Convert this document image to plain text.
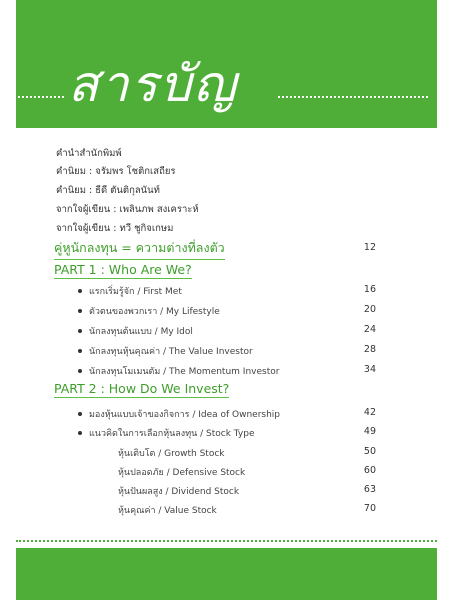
สารบัญ
คำนำสำนักพิมพ์
คำนิยม : จรัมพร โชติกเสถียร
คำนิยม : ธีดี ตันติกุลนันท์
จากใจผู้เขียน : เพลินภพ สงเคราะห์
จากใจผู้เขียน : ทวี ชูกิจเกษม
คู่หูนักลงทุน = ความต่างที่ลงตัว	12
PART 1 : Who Are We?
แรกเริ่มรู้จัก / First Met	16
ตัวตนของพวกเรา / My Lifestyle	20
นักลงทุนต้นแบบ / My Idol	24
นักลงทุนหุ้นคุณค่า / The Value Investor	28
นักลงทุนโมเมนตัม / The Momentum Investor	34
PART 2 : How Do We Invest?
มองหุ้นแบบเจ้าของกิจการ / Idea of Ownership	42
แนวคิดในการเลือกหุ้นลงทุน / Stock Type	49
หุ้นเติบโต / Growth Stock	50
หุ้นปลอดภัย / Defensive Stock	60
หุ้นปันผลสูง / Dividend Stock	63
หุ้นคุณค่า / Value Stock	70
